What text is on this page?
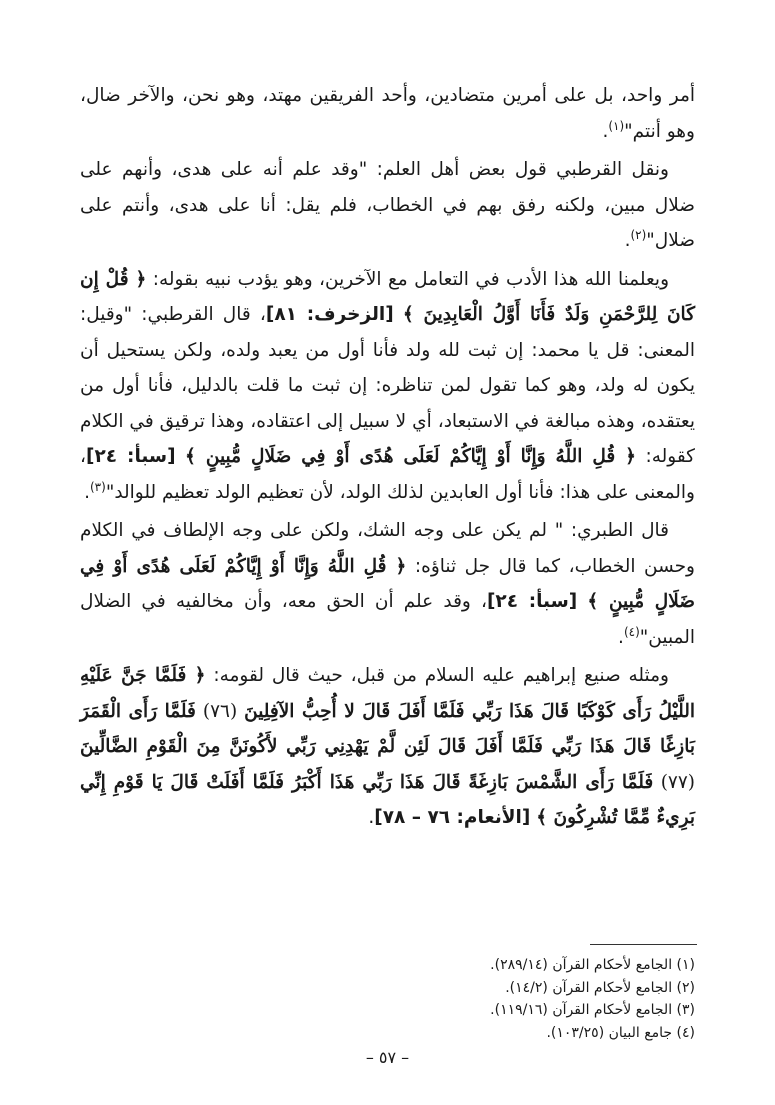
أمر واحد، بل على أمرين متضادين، وأحد الفريقين مهتد، وهو نحن، والآخر ضال، وهو أنتم"$^{(١)}$.

ونقل القرطبي قول بعض أهل العلم: "وقد علم أنه على هدى، وأنهم على ضلال مبين، ولكنه رفق بهم في الخطاب، فلم يقل: أنا على هدى، وأنتم على ضلال"$^{(٢)}$.

ويعلمنا الله هذا الأدب في التعامل مع الآخرين، وهو يؤدب نبيه بقوله: ﴿ قُلْ إِن كَانَ لِلرَّحْمَنِ وَلَدٌ فَأَنَا أَوَّلُ الْعَابِدِينَ ﴾ [الزخرف: ٨١]، قال القرطبي: "وقيل: المعنى: قل يا محمد: إن ثبت لله ولد فأنا أول من يعبد ولده، ولكن يستحيل أن يكون له ولد، وهو كما تقول لمن تناظره: إن ثبت ما قلت بالدليل، فأنا أول من يعتقده، وهذه مبالغة في الاستبعاد، أي لا سبيل إلى اعتقاده، وهذا ترقيق في الكلام كقوله: ﴿ قُلِ اللَّهُ وَإِنَّا أَوْ إِيَّاكُمْ لَعَلَى هُدًى أَوْ فِي ضَلَالٍ مُّبِينٍ ﴾ [سبأ: ٢٤]، والمعنى على هذا: فأنا أول العابدين لذلك الولد، لأن تعظيم الولد تعظيم للوالد"$^{(٣)}$.

قال الطبري: " لم يكن على وجه الشك، ولكن على وجه الإلطاف في الكلام وحسن الخطاب، كما قال جل ثناؤه: ﴿ قُلِ اللَّهُ وَإِنَّا أَوْ إِيَّاكُمْ لَعَلَى هُدًى أَوْ فِي ضَلَالٍ مُّبِينٍ ﴾ [سبأ: ٢٤]، وقد علم أن الحق معه، وأن مخالفيه في الضلال المبين"$^{(٤)}$.

ومثله صنيع إبراهيم عليه السلام من قبل، حيث قال لقومه: ﴿ فَلَمَّا جَنَّ عَلَيْهِ اللَّيْلُ رَأَى كَوْكَبًا قَالَ هَذَا رَبِّي فَلَمَّا أَفَلَ قَالَ لا أُحِبُّ الآفِلِينَ (٧٦) فَلَمَّا رَأَى الْقَمَرَ بَازِغًا قَالَ هَذَا رَبِّي فَلَمَّا أَفَلَ قَالَ لَئِن لَّمْ يَهْدِنِي رَبِّي لأَكُونَنَّ مِنَ الْقَوْمِ الضَّالِّينَ (٧٧) فَلَمَّا رَأَى الشَّمْسَ بَازِغَةً قَالَ هَذَا رَبِّي هَذَا أَكْبَرُ فَلَمَّا أَفَلَتْ قَالَ يَا قَوْمِ إِنِّي بَرِيءٌ مِّمَّا تُشْرِكُونَ ﴾ [الأنعام: ٧٦ – ٧٨].

(١) الجامع لأحكام القرآن (٢٨٩/١٤).

(٢) الجامع لأحكام القرآن (١٤/٢).

(٣) الجامع لأحكام القرآن (١١٩/١٦).

(٤) جامع البيان (١٠٣/٢٥).

– ٥٧ –
